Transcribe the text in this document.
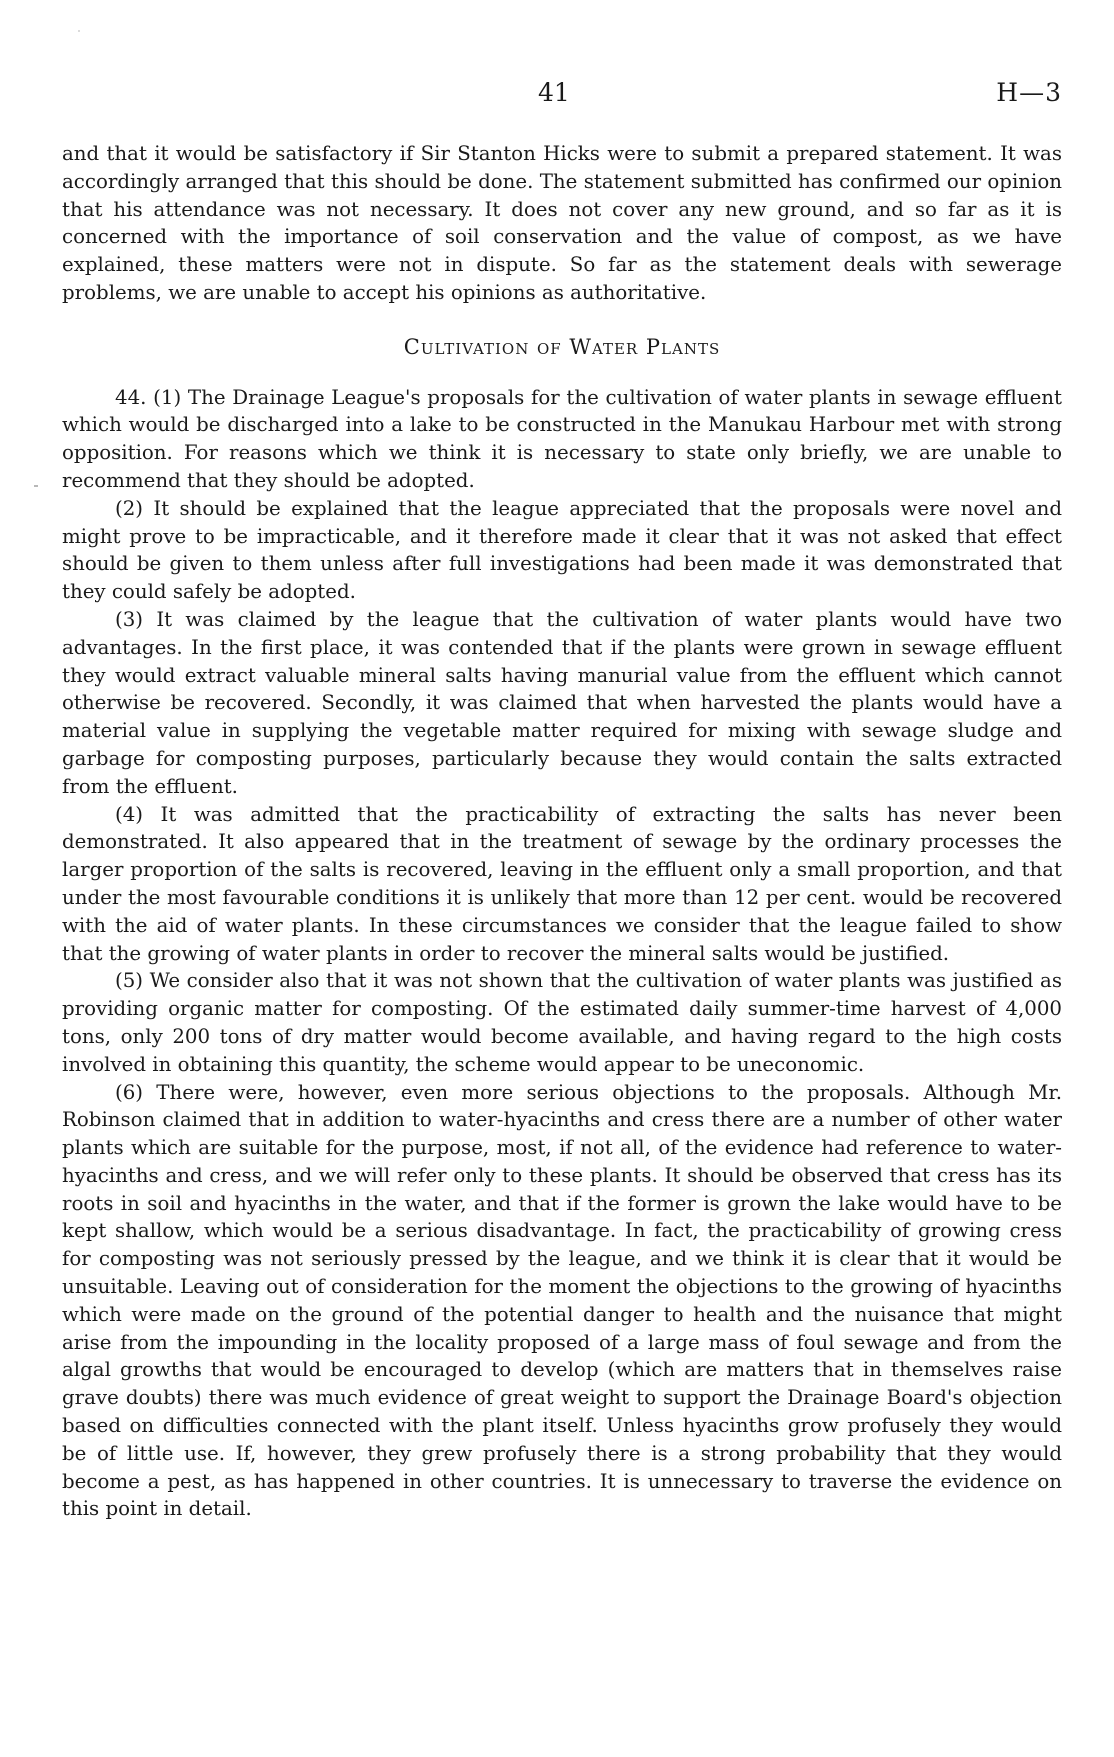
41	H—3

and that it would be satisfactory if Sir Stanton Hicks were to submit a prepared statement. It was accordingly arranged that this should be done. The statement submitted has confirmed our opinion that his attendance was not necessary. It does not cover any new ground, and so far as it is concerned with the importance of soil conservation and the value of compost, as we have explained, these matters were not in dispute. So far as the statement deals with sewerage problems, we are unable to accept his opinions as authoritative.

Cultivation of Water Plants

44. (1) The Drainage League's proposals for the cultivation of water plants in sewage effluent which would be discharged into a lake to be constructed in the Manukau Harbour met with strong opposition. For reasons which we think it is necessary to state only briefly, we are unable to recommend that they should be adopted.

(2) It should be explained that the league appreciated that the proposals were novel and might prove to be impracticable, and it therefore made it clear that it was not asked that effect should be given to them unless after full investigations had been made it was demonstrated that they could safely be adopted.

(3) It was claimed by the league that the cultivation of water plants would have two advantages. In the first place, it was contended that if the plants were grown in sewage effluent they would extract valuable mineral salts having manurial value from the effluent which cannot otherwise be recovered. Secondly, it was claimed that when harvested the plants would have a material value in supplying the vegetable matter required for mixing with sewage sludge and garbage for composting purposes, particularly because they would contain the salts extracted from the effluent.

(4) It was admitted that the practicability of extracting the salts has never been demonstrated. It also appeared that in the treatment of sewage by the ordinary processes the larger proportion of the salts is recovered, leaving in the effluent only a small proportion, and that under the most favourable conditions it is unlikely that more than 12 per cent. would be recovered with the aid of water plants. In these circumstances we consider that the league failed to show that the growing of water plants in order to recover the mineral salts would be justified.

(5) We consider also that it was not shown that the cultivation of water plants was justified as providing organic matter for composting. Of the estimated daily summer-time harvest of 4,000 tons, only 200 tons of dry matter would become available, and having regard to the high costs involved in obtaining this quantity, the scheme would appear to be uneconomic.

(6) There were, however, even more serious objections to the proposals. Although Mr. Robinson claimed that in addition to water-hyacinths and cress there are a number of other water plants which are suitable for the purpose, most, if not all, of the evidence had reference to water-hyacinths and cress, and we will refer only to these plants. It should be observed that cress has its roots in soil and hyacinths in the water, and that if the former is grown the lake would have to be kept shallow, which would be a serious disadvantage. In fact, the practicability of growing cress for composting was not seriously pressed by the league, and we think it is clear that it would be unsuitable. Leaving out of consideration for the moment the objections to the growing of hyacinths which were made on the ground of the potential danger to health and the nuisance that might arise from the impounding in the locality proposed of a large mass of foul sewage and from the algal growths that would be encouraged to develop (which are matters that in themselves raise grave doubts) there was much evidence of great weight to support the Drainage Board's objection based on difficulties connected with the plant itself. Unless hyacinths grow profusely they would be of little use. If, however, they grew profusely there is a strong probability that they would become a pest, as has happened in other countries. It is unnecessary to traverse the evidence on this point in detail.
